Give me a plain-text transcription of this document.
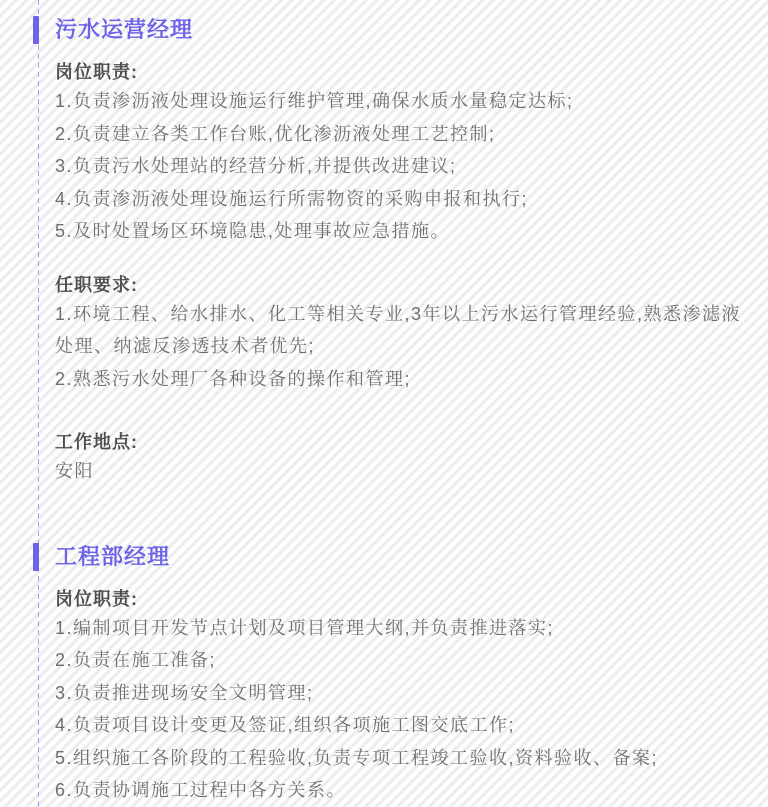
污水运营经理
岗位职责:

1.负责渗沥液处理设施运行维护管理,确保水质水量稳定达标;

2.负责建立各类工作台账,优化渗沥液处理工艺控制;

3.负责污水处理站的经营分析,并提供改进建议;

4.负责渗沥液处理设施运行所需物资的采购申报和执行;

5.及时处置场区环境隐患,处理事故应急措施。

任职要求:

1.环境工程、给水排水、化工等相关专业,3年以上污水运行管理经验,熟悉渗滤液处理、纳滤反渗透技术者优先;

2.熟悉污水处理厂各种设备的操作和管理;

工作地点:

安阳

工程部经理
岗位职责:

1.编制项目开发节点计划及项目管理大纲,并负责推进落实;

2.负责在施工准备;

3.负责推进现场安全文明管理;

4.负责项目设计变更及签证,组织各项施工图交底工作;

5.组织施工各阶段的工程验收,负责专项工程竣工验收,资料验收、备案;

6.负责协调施工过程中各方关系。
